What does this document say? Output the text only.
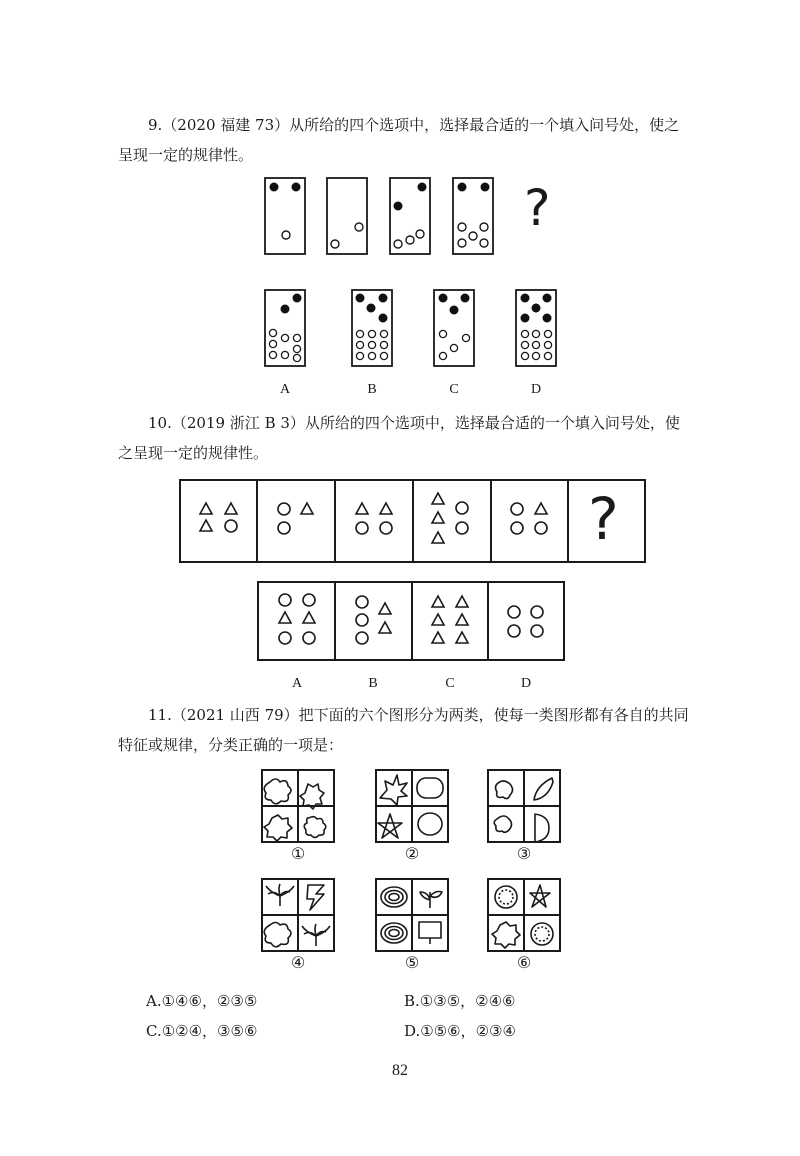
9.（2020 福建 73）从所给的四个选项中，选择最合适的一个填入问号处，使之
呈现一定的规律性。

?
A	B	C	D

10.（2019 浙江 B 3）从所给的四个选项中，选择最合适的一个填入问号处，使
之呈现一定的规律性。

?
A	B	C	D

11.（2021 山西 79）把下面的六个图形分为两类，使每一类图形都有各自的共同
特征或规律，分类正确的一项是：

①	②	③
④	⑤	⑥
A.①④⑥，②③⑤	B.①③⑤，②④⑥
C.①②④，③⑤⑥	D.①⑤⑥，②③④
82
